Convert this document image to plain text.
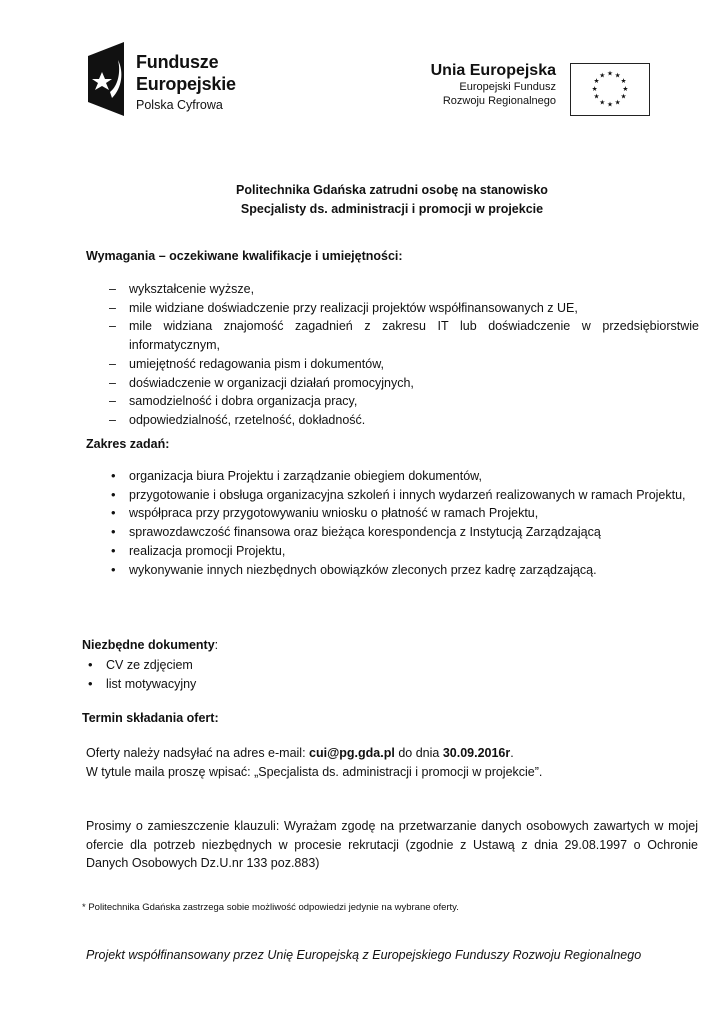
Fundusze
Europejskie
Polska Cyfrowa
Unia Europejska
Europejski Fundusz
Rozwoju Regionalnego
★ ★
★
★
★
★
★
★
★
★
★
★
Politechnika Gdańska zatrudni osobę na stanowisko
Specjalisty ds. administracji i promocji w projekcie
Wymagania – oczekiwane kwalifikacje i umiejętności:
– wykształcenie wyższe,
– mile widziane doświadczenie przy realizacji projektów współfinansowanych z UE,
– mile widziana znajomość zagadnień z zakresu IT lub doświadczenie w przedsiębiorstwie informatycznym,
– umiejętność redagowania pism i dokumentów,
– doświadczenie w organizacji działań promocyjnych,
– samodzielność i dobra organizacja pracy,
– odpowiedzialność, rzetelność, dokładność.
Zakres zadań:
• organizacja biura Projektu i zarządzanie obiegiem dokumentów,
• przygotowanie i obsługa organizacyjna szkoleń i innych wydarzeń realizowanych w ramach Projektu,
• współpraca przy przygotowywaniu wniosku o płatność w ramach Projektu,
• sprawozdawczość finansowa oraz bieżąca korespondencja z Instytucją Zarządzającą
• realizacja promocji Projektu,
• wykonywanie innych niezbędnych obowiązków zleconych przez kadrę zarządzającą.
Niezbędne dokumenty:
• CV ze zdjęciem
• list motywacyjny
Termin składania ofert:
Oferty należy nadsyłać na adres e-mail: cui@pg.gda.pl do dnia 30.09.2016r.
W tytule maila proszę wpisać: „Specjalista ds. administracji i promocji w projekcie”.
Prosimy o zamieszczenie klauzuli: Wyrażam zgodę na przetwarzanie danych osobowych zawartych w mojej ofercie dla potrzeb niezbędnych w procesie rekrutacji (zgodnie z Ustawą z dnia 29.08.1997 o Ochronie Danych Osobowych Dz.U.nr 133 poz.883)
* Politechnika Gdańska zastrzega sobie możliwość odpowiedzi jedynie na wybrane oferty.
Projekt współfinansowany przez Unię Europejską z Europejskiego Funduszy Rozwoju Regionalnego
